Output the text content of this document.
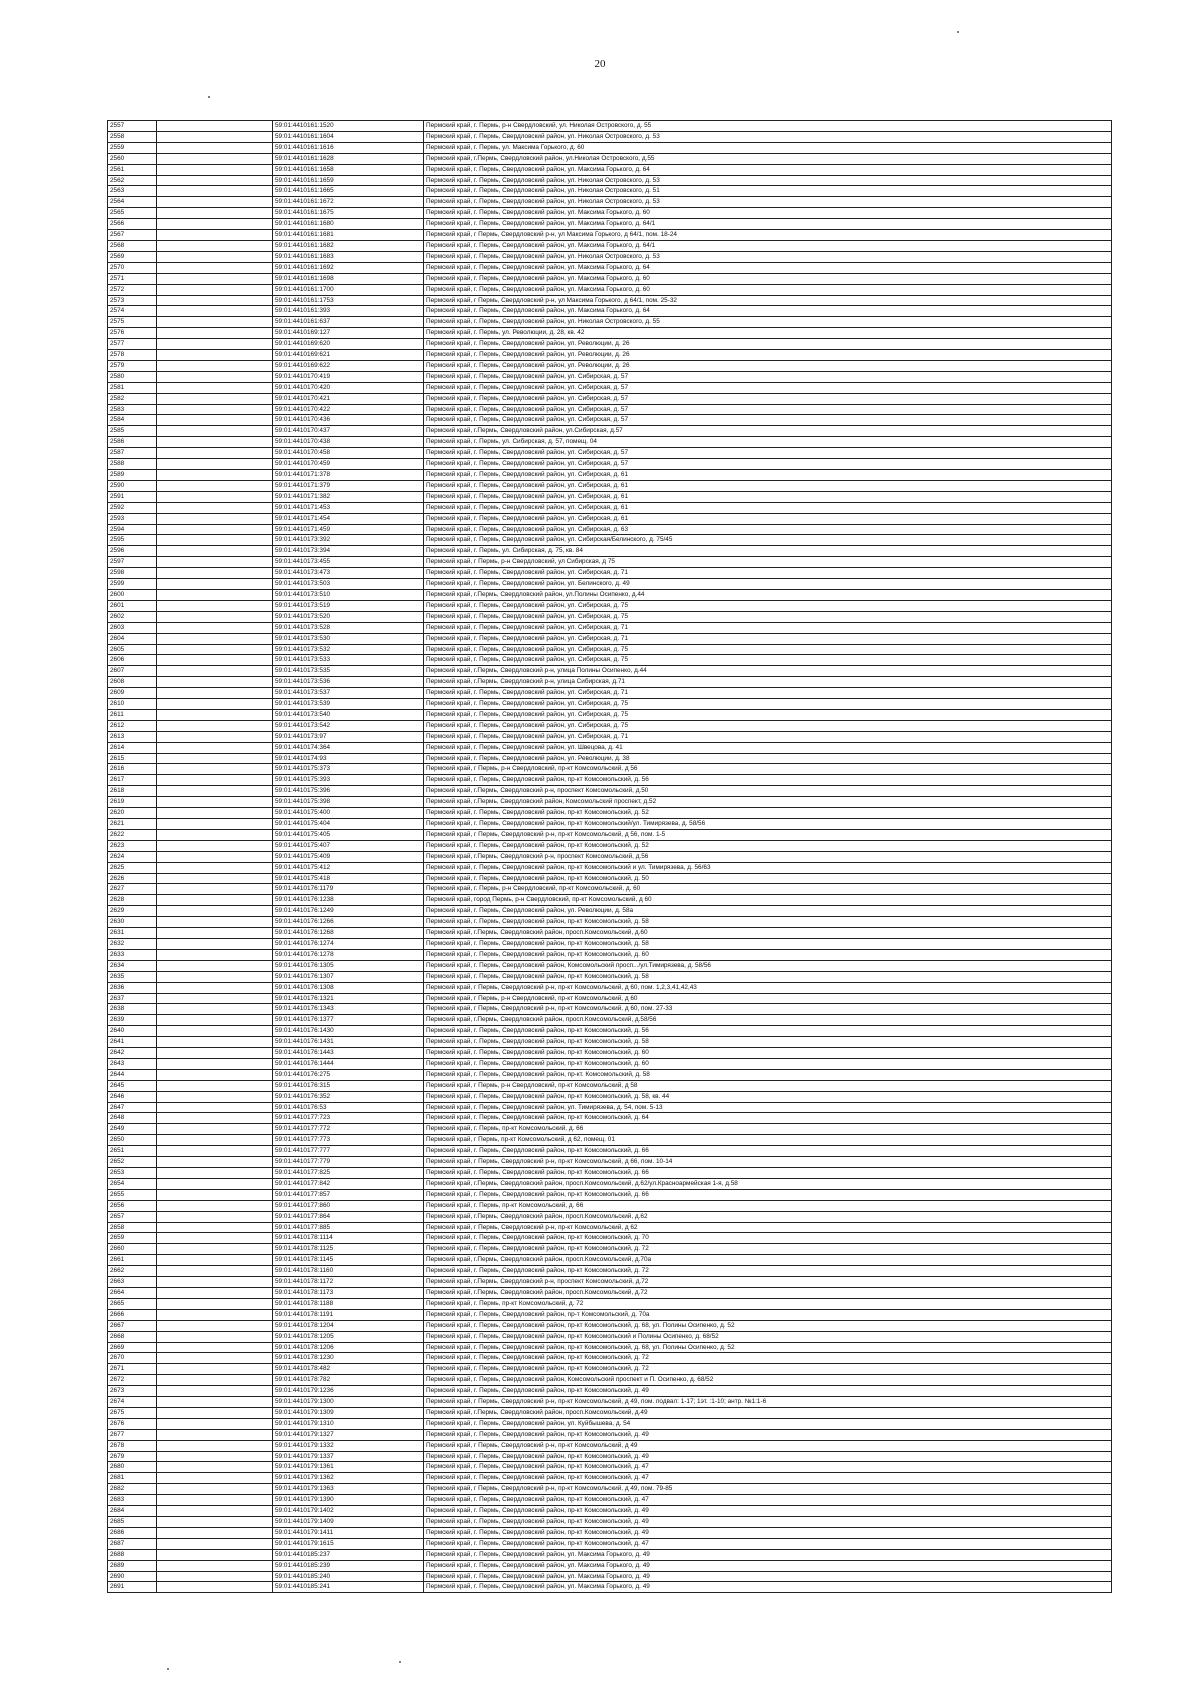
20
2557		59:01:4410161:1520	Пермский край, г. Пермь, р-н Свердловский, ул. Николая Островского, д. 55
2558		59:01:4410161:1604	Пермский край, г. Пермь, Свердловский район, ул. Николая Островского, д. 53
2559		59:01:4410161:1616	Пермский край, г. Пермь, ул. Максима Горького, д. 60
2560		59:01:4410161:1628	Пермский край, г.Пермь, Свердловский район, ул.Николая Островского, д.55
2561		59:01:4410161:1658	Пермский край, г. Пермь, Свердловский район, ул. Максима Горького, д. 64
2562		59:01:4410161:1659	Пермский край, г. Пермь, Свердловский район, ул. Николая Островского, д. 53
2563		59:01:4410161:1665	Пермский край, г. Пермь, Свердловский район, ул. Николая Островского, д. 51
2564		59:01:4410161:1672	Пермский край, г. Пермь, Свердловский район, ул. Николая Островского, д. 53
2565		59:01:4410161:1675	Пермский край, г. Пермь, Свердловский район, ул. Максима Горького, д. 60
2566		59:01:4410161:1680	Пермский край, г. Пермь, Свердловский район, ул. Максима Горького, д. 64/1
2567		59:01:4410161:1681	Пермский край, г Пермь, Свердловский р-н, ул Максима Горького, д 64/1, пом. 18-24
2568		59:01:4410161:1682	Пермский край, г. Пермь, Свердловский район, ул. Максима Горького, д. 64/1
2569		59:01:4410161:1683	Пермский край, г. Пермь, Свердловский район, ул. Николая Островского, д. 53
2570		59:01:4410161:1692	Пермский край, г. Пермь, Свердловский район, ул. Максима Горького, д. 64
2571		59:01:4410161:1698	Пермский край, г. Пермь, Свердловский район, ул. Максима Горького, д. 60
2572		59:01:4410161:1700	Пермский край, г. Пермь, Свердловский район, ул. Максима Горького, д. 60
2573		59:01:4410161:1753	Пермский край, г Пермь, Свердловский р-н, ул Максима Горького, д 64/1, пом. 25-32
2574		59:01:4410161:393	Пермский край, г. Пермь, Свердловский район, ул. Максима Горького, д. 64
2575		59:01:4410161:637	Пермский край, г. Пермь, Свердловский район, ул. Николая Островского, д. 55
2576		59:01:4410169:127	Пермский край, г. Пермь, ул. Революции, д. 28, кв. 42
2577		59:01:4410169:620	Пермский край, г. Пермь, Свердловский район, ул. Революции, д. 26
2578		59:01:4410169:621	Пермский край, г. Пермь, Свердловский район, ул. Революции, д. 26
2579		59:01:4410169:622	Пермский край, г. Пермь, Свердловский район, ул. Революции, д. 26
2580		59:01:4410170:419	Пермский край, г. Пермь, Свердловский район, ул. Сибирская, д. 57
2581		59:01:4410170:420	Пермский край, г. Пермь, Свердловский район, ул. Сибирская, д. 57
2582		59:01:4410170:421	Пермский край, г. Пермь, Свердловский район, ул. Сибирская, д. 57
2583		59:01:4410170:422	Пермский край, г. Пермь, Свердловский район, ул. Сибирская, д. 57
2584		59:01:4410170:436	Пермский край, г. Пермь, Свердловский район, ул. Сибирская, д. 57
2585		59:01:4410170:437	Пермский край, г.Пермь, Свердловский район, ул.Сибирская, д.57
2586		59:01:4410170:438	Пермский край, г. Пермь, ул. Сибирская, д. 57, помещ. 04
2587		59:01:4410170:458	Пермский край, г. Пермь, Свердловский район, ул. Сибирская, д. 57
2588		59:01:4410170:459	Пермский край, г. Пермь, Свердловский район, ул. Сибирская, д. 57
2589		59:01:4410171:378	Пермский край, г. Пермь, Свердловский район, ул. Сибирская, д. 61
2590		59:01:4410171:379	Пермский край, г. Пермь, Свердловский район, ул. Сибирская, д. 61
2591		59:01:4410171:382	Пермский край, г. Пермь, Свердловский район, ул. Сибирская, д. 61
2592		59:01:4410171:453	Пермский край, г. Пермь, Свердловский район, ул. Сибирская, д. 61
2593		59:01:4410171:454	Пермский край, г. Пермь, Свердловский район, ул. Сибирская, д. 61
2594		59:01:4410171:459	Пермский край, г. Пермь, Свердловский район, ул. Сибирская, д. 63
2595		59:01:4410173:392	Пермский край, г. Пермь, Свердловский район, ул. Сибирская/Белинского, д. 75/45
2596		59:01:4410173:394	Пермский край, г. Пермь, ул. Сибирская, д. 75, кв. 84
2597		59:01:4410173:455	Пермский край, г Пермь, р-н Свердловский, ул Сибирская, д 75
2598		59:01:4410173:473	Пермский край, г. Пермь, Свердловский район, ул. Сибирская, д. 71
2599		59:01:4410173:503	Пермский край, г. Пермь, Свердловский район, ул. Белинского, д. 49
2600		59:01:4410173:510	Пермский край, г.Пермь, Свердловский район, ул.Полины Осипенко, д.44
2601		59:01:4410173:519	Пермский край, г. Пермь, Свердловский район, ул. Сибирская, д. 75
2602		59:01:4410173:520	Пермский край, г. Пермь, Свердловский район, ул. Сибирская, д. 75
2603		59:01:4410173:528	Пермский край, г. Пермь, Свердловский район, ул. Сибирская, д. 71
2604		59:01:4410173:530	Пермский край, г. Пермь, Свердловский район, ул. Сибирская, д. 71
2605		59:01:4410173:532	Пермский край, г. Пермь, Свердловский район, ул. Сибирская, д. 75
2606		59:01:4410173:533	Пермский край, г. Пермь, Свердловский район, ул. Сибирская, д. 75
2607		59:01:4410173:535	Пермский край, г.Пермь, Свердловский р-н, улица Полины Осипенко, д.44
2608		59:01:4410173:536	Пермский край, г.Пермь, Свердловский р-н, улица Сибирская, д.71
2609		59:01:4410173:537	Пермский край, г. Пермь, Свердловский район, ул. Сибирская, д. 71
2610		59:01:4410173:539	Пермский край, г. Пермь, Свердловский район, ул. Сибирская, д. 75
2611		59:01:4410173:540	Пермский край, г. Пермь, Свердловский район, ул. Сибирская, д. 75
2612		59:01:4410173:542	Пермский край, г. Пермь, Свердловский район, ул. Сибирская, д. 75
2613		59:01:4410173:97	Пермский край, г. Пермь, Свердловский район, ул. Сибирская, д. 71
2614		59:01:4410174:364	Пермский край, г. Пермь, Свердловский район, ул. Швецова, д. 41
2615		59:01:4410174:93	Пермский край, г. Пермь, Свердловский район, ул. Революции, д. 38
2616		59:01:4410175:373	Пермский край, г Пермь, р-н Свердловский, пр-кт Комсомольский, д 56
2617		59:01:4410175:393	Пермский край, г. Пермь, Свердловский район, пр-кт Комсомольский, д. 56
2618		59:01:4410175:396	Пермский край, г.Пермь, Свердловский р-н, проспект Комсомольский, д.50
2619		59:01:4410175:398	Пермский край, г.Пермь, Свердловский район, Комсомольский проспект, д.52
2620		59:01:4410175:400	Пермский край, г. Пермь, Свердловский район, пр-кт Комсомольский, д. 52
2621		59:01:4410175:404	Пермский край, г. Пермь, Свердловский район, пр-кт Комсомольский/ул. Тимирязева, д. 58/56
2622		59:01:4410175:405	Пермский край, г Пермь, Свердловский р-н, пр-кт Комсомольский, д 56, пом. 1-5
2623		59:01:4410175:407	Пермский край, г. Пермь, Свердловский район, пр-кт Комсомольский, д. 52
2624		59:01:4410175:409	Пермский край, г.Пермь, Свердловский р-н, проспект Комсомольский, д.56
2625		59:01:4410175:412	Пермский край, г. Пермь, Свердловский район, пр-кт Комсомольский и ул. Тимирязева, д. 56/63
2626		59:01:4410175:418	Пермский край, г. Пермь, Свердловский район, пр-кт Комсомольский, д. 50
2627		59:01:4410176:1179	Пермский край, г. Пермь, р-н Свердловский, пр-кт Комсомольский, д. 60
2628		59:01:4410176:1238	Пермский край, город Пермь, р-н Свердловский, пр-кт Комсомольский, д 60
2629		59:01:4410176:1249	Пермский край, г. Пермь, Свердловский район, ул. Революции, д. 58а
2630		59:01:4410176:1266	Пермский край, г. Пермь, Свердловский район, пр-кт Комсомольский, д. 58
2631		59:01:4410176:1268	Пермский край, г.Пермь, Свердловский район, просп.Комсомольский, д.60
2632		59:01:4410176:1274	Пермский край, г. Пермь, Свердловский район, пр-кт Комсомольский, д. 58
2633		59:01:4410176:1278	Пермский край, г. Пермь, Свердловский район, пр-кт Комсомольский, д. 60
2634		59:01:4410176:1305	Пермский край, г. Пермь, Свердловский район, Комсомольский просп.../ул.Тимирязева, д. 58/56
2635		59:01:4410176:1307	Пермский край, г. Пермь, Свердловский район, пр-кт Комсомольский, д. 58
2636		59:01:4410176:1308	Пермский край, г Пермь, Свердловский р-н, пр-кт Комсомольский, д 60, пом. 1,2,3,41,42,43
2637		59:01:4410176:1321	Пермский край, г Пермь, р-н Свердловский, пр-кт Комсомольский, д 60
2638		59:01:4410176:1343	Пермский край, г Пермь, Свердловский р-н, пр-кт Комсомольский, д 60, пом. 27-33
2639		59:01:4410176:1377	Пермский край, г.Пермь, Свердловский район, просп.Комсомольский, д.58/56
2640		59:01:4410176:1430	Пермский край, г. Пермь, Свердловский район, пр-кт Комсомольский, д. 56
2641		59:01:4410176:1431	Пермский край, г. Пермь, Свердловский район, пр-кт Комсомольский, д. 58
2642		59:01:4410176:1443	Пермский край, г. Пермь, Свердловский район, пр-кт Комсомольский, д. 60
2643		59:01:4410176:1444	Пермский край, г. Пермь, Свердловский район, пр-кт Комсомольский, д. 60
2644		59:01:4410176:275	Пермский край, г. Пермь, Свердловский район, пр-кт. Комсомольский, д. 58
2645		59:01:4410176:315	Пермский край, г Пермь, р-н Свердловский, пр-кт Комсомольский, д 58
2646		59:01:4410176:352	Пермский край, г. Пермь, Свердловский район, пр-кт Комсомольский, д. 58, кв. 44
2647		59:01:4410176:53	Пермский край, г. Пермь, Свердловский район, ул. Тимирязева, д. 54, пом. 5-13
2648		59:01:4410177:723	Пермский край, г. Пермь, Свердловский район, пр-кт Комсомольский, д. 64
2649		59:01:4410177:772	Пермский край, г. Пермь, пр-кт Комсомольский, д. 66
2650		59:01:4410177:773	Пермский край, г Пермь, пр-кт Комсомольский, д 62, помещ. 01
2651		59:01:4410177:777	Пермский край, г. Пермь, Свердловский район, пр-кт Комсомольский, д. 66
2652		59:01:4410177:779	Пермский край, г Пермь, Свердловский р-н, пр-кт Комсомольский, д 66, пом. 10-14
2653		59:01:4410177:825	Пермский край, г. Пермь, Свердловский район, пр-кт Комсомольский, д. 66
2654		59:01:4410177:842	Пермский край, г.Пермь, Свердловский район, просп.Комсомольский, д.62/ул.Красноармейская 1-я, д.58
2655		59:01:4410177:857	Пермский край, г. Пермь, Свердловский район, пр-кт Комсомольский, д. 66
2656		59:01:4410177:860	Пермский край, г. Пермь, пр-кт Комсомольский, д. 66
2657		59:01:4410177:864	Пермский край, г.Пермь, Свердловский район, просп.Комсомольский, д.62
2658		59:01:4410177:885	Пермский край, г Пермь, Свердловский р-н, пр-кт Комсомольский, д 62
2659		59:01:4410178:1114	Пермский край, г. Пермь, Свердловский район, пр-кт Комсомольский, д. 70
2660		59:01:4410178:1125	Пермский край, г. Пермь, Свердловский район, пр-кт Комсомольский, д. 72
2661		59:01:4410178:1145	Пермский край, г.Пермь, Свердловский район, просп.Комсомольский, д.70а
2662		59:01:4410178:1160	Пермский край, г. Пермь, Свердловский район, пр-кт Комсомольский, д. 72
2663		59:01:4410178:1172	Пермский край, г.Пермь, Свердловский р-н, проспект Комсомольский, д.72
2664		59:01:4410178:1173	Пермский край, г.Пермь, Свердловский район, просп.Комсомольский, д.72
2665		59:01:4410178:1188	Пермский край, г. Пермь, пр-кт Комсомольский, д. 72
2666		59:01:4410178:1191	Пермский край, г. Пермь, Свердловский район, пр-т Комсомольский, д. 70а
2667		59:01:4410178:1204	Пермский край, г. Пермь, Свердловский район, пр-кт Комсомольский, д. 68, ул. Полины Осипенко, д. 52
2668		59:01:4410178:1205	Пермский край, г. Пермь, Свердловский район, пр-кт Комсомольский и Полины Осипенко, д. 68/52
2669		59:01:4410178:1206	Пермский край, г. Пермь, Свердловский район, пр-кт Комсомольский, д. 68, ул. Полины Осипенко, д. 52
2670		59:01:4410178:1230	Пермский край, г. Пермь, Свердловский район, пр-кт Комсомольский, д. 72
2671		59:01:4410178:482	Пермский край, г. Пермь, Свердловский район, пр-кт Комсомольский, д. 72
2672		59:01:4410178:782	Пермский край, г. Пермь, Свердловский район, Комсомольский проспект и П. Осипенко, д. 68/52
2673		59:01:4410179:1236	Пермский край, г. Пермь, Свердловский район, пр-кт Комсомольский, д. 49
2674		59:01:4410179:1300	Пермский край, г Пермь, Свердловский р-н, пр-кт Комсомольский, д 49, пом. подвал: 1-17; 1эт. :1-10; антр. №1:1-6
2675		59:01:4410179:1309	Пермский край, г.Пермь, Свердловский район, просп.Комсомольский, д.49
2676		59:01:4410179:1310	Пермский край, г. Пермь, Свердловский район, ул. Куйбышева, д. 54
2677		59:01:4410179:1327	Пермский край, г. Пермь, Свердловский район, пр-кт Комсомольский, д. 49
2678		59:01:4410179:1332	Пермский край, г Пермь, Свердловский р-н, пр-кт Комсомольский, д 49
2679		59:01:4410179:1337	Пермский край, г. Пермь, Свердловский район, пр-кт Комсомольский, д. 49
2680		59:01:4410179:1361	Пермский край, г. Пермь, Свердловский район, пр-кт Комсомольский, д. 47
2681		59:01:4410179:1362	Пермский край, г. Пермь, Свердловский район, пр-кт Комсомольский, д. 47
2682		59:01:4410179:1363	Пермский край, г Пермь, Свердловский р-н, пр-кт Комсомольский, д 49, пом. 79-85
2683		59:01:4410179:1390	Пермский край, г. Пермь, Свердловский район, пр-кт Комсомольский, д. 47
2684		59:01:4410179:1402	Пермский край, г. Пермь, Свердловский район, пр-кт Комсомольский, д. 49
2685		59:01:4410179:1409	Пермский край, г. Пермь, Свердловский район, пр-кт Комсомольский, д. 49
2686		59:01:4410179:1411	Пермский край, г. Пермь, Свердловский район, пр-кт Комсомольский, д. 49
2687		59:01:4410179:1615	Пермский край, г. Пермь, Свердловский район, пр-кт Комсомольский, д. 47
2688		59:01:4410185:237	Пермский край, г. Пермь, Свердловский район, ул. Максима Горького, д. 49
2689		59:01:4410185:239	Пермский край, г. Пермь, Свердловский район, ул. Максима Горького, д. 49
2690		59:01:4410185:240	Пермский край, г. Пермь, Свердловский район, ул. Максима Горького, д. 49
2691		59:01:4410185:241	Пермский край, г. Пермь, Свердловский район, ул. Максима Горького, д. 49
